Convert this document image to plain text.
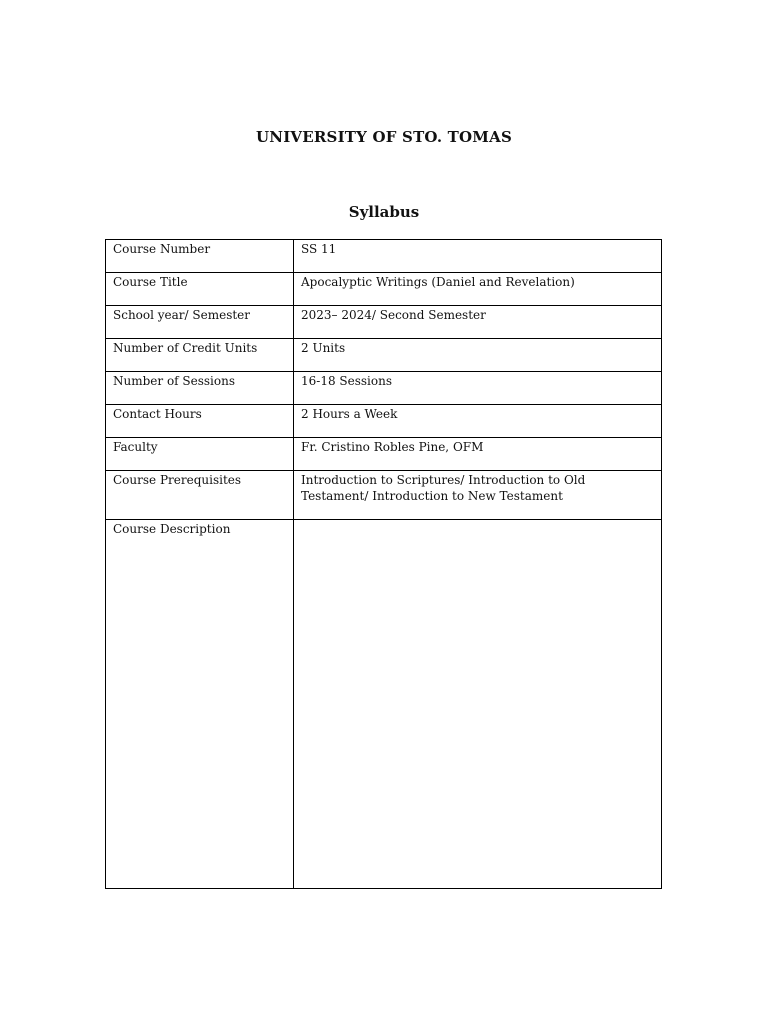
UNIVERSITY OF STO. TOMAS
Syllabus
Course Number	SS 11
Course Title	Apocalyptic Writings (Daniel and Revelation)
School year/ Semester	2023– 2024/ Second Semester
Number of Credit Units	2 Units
Number of Sessions	16-18 Sessions
Contact Hours	2 Hours a Week
Faculty	Fr. Cristino Robles Pine, OFM
Course Prerequisites	Introduction to Scriptures/ Introduction to Old Testament/ Introduction to New Testament
Course Description	
